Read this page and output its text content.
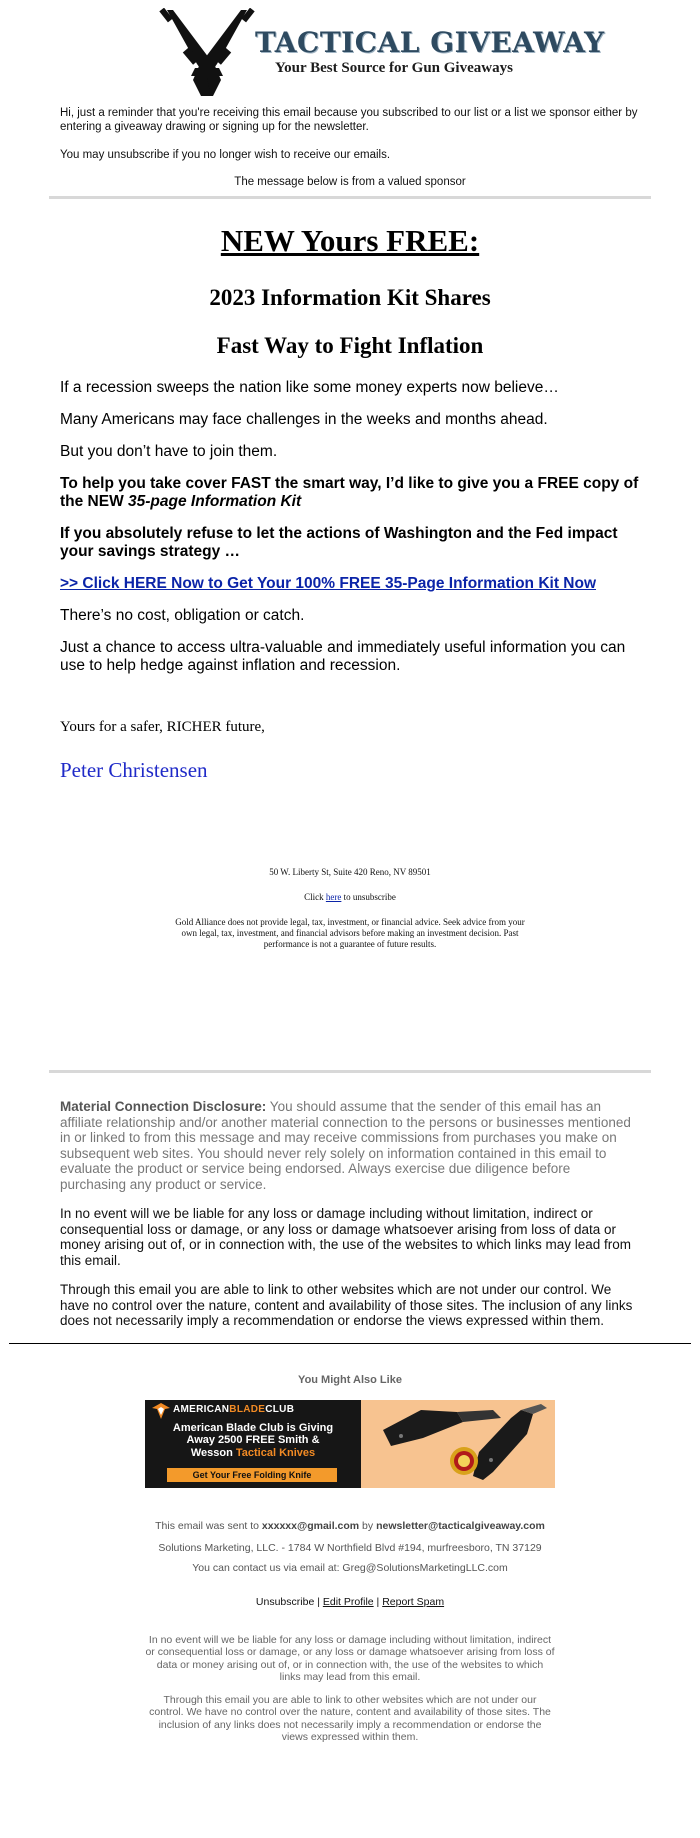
TACTICAL GIVEAWAY
Your Best Source for Gun Giveaways

Hi, just a reminder that you're receiving this email because you subscribed to our list or a list we sponsor either by entering a giveaway drawing or signing up for the newsletter.

You may unsubscribe if you no longer wish to receive our emails.

The message below is from a valued sponsor
NEW Yours FREE:
2023 Information Kit Shares
Fast Way to Fight Inflation

If a recession sweeps the nation like some money experts now believe…

Many Americans may face challenges in the weeks and months ahead.

But you don’t have to join them.

To help you take cover FAST the smart way, I’d like to give you a FREE copy of the NEW 35-page Information Kit

If you absolutely refuse to let the actions of Washington and the Fed impact your savings strategy …

>> Click HERE Now to Get Your 100% FREE 35-Page Information Kit Now

There’s no cost, obligation or catch.

Just a chance to access ultra-valuable and immediately useful information you can use to help hedge against inflation and recession.

Yours for a safer, RICHER future,
Peter Christensen
50 W. Liberty St, Suite 420 Reno, NV 89501
Click here to unsubscribe
Gold Alliance does not provide legal, tax, investment, or financial advice. Seek advice from your own legal, tax, investment, and financial advisors before making an investment decision. Past performance is not a guarantee of future results.

Material Connection Disclosure: You should assume that the sender of this email has an affiliate relationship and/or another material connection to the persons or businesses mentioned in or linked to from this message and may receive commissions from purchases you make on subsequent web sites. You should never rely solely on information contained in this email to evaluate the product or service being endorsed. Always exercise due diligence before purchasing any product or service.

In no event will we be liable for any loss or damage including without limitation, indirect or consequential loss or damage, or any loss or damage whatsoever arising from loss of data or money arising out of, or in connection with, the use of the websites to which links may lead from this email.

Through this email you are able to link to other websites which are not under our control. We have no control over the nature, content and availability of those sites. The inclusion of any links does not necessarily imply a recommendation or endorse the views expressed within them.

You Might Also Like
AMERICANBLADECLUB
American Blade Club is Giving
Away 2500 FREE Smith &
Wesson Tactical Knives
Get Your Free Folding Knife
This email was sent to xxxxxx@gmail.com by newsletter@tacticalgiveaway.com
Solutions Marketing, LLC. - 1784 W Northfield Blvd #194, murfreesboro, TN 37129
You can contact us via email at: Greg@SolutionsMarketingLLC.com
Unsubscribe | Edit Profile | Report Spam

In no event will we be liable for any loss or damage including without limitation, indirect or consequential loss or damage, or any loss or damage whatsoever arising from loss of data or money arising out of, or in connection with, the use of the websites to which links may lead from this email.

Through this email you are able to link to other websites which are not under our control. We have no control over the nature, content and availability of those sites. The inclusion of any links does not necessarily imply a recommendation or endorse the views expressed within them.
